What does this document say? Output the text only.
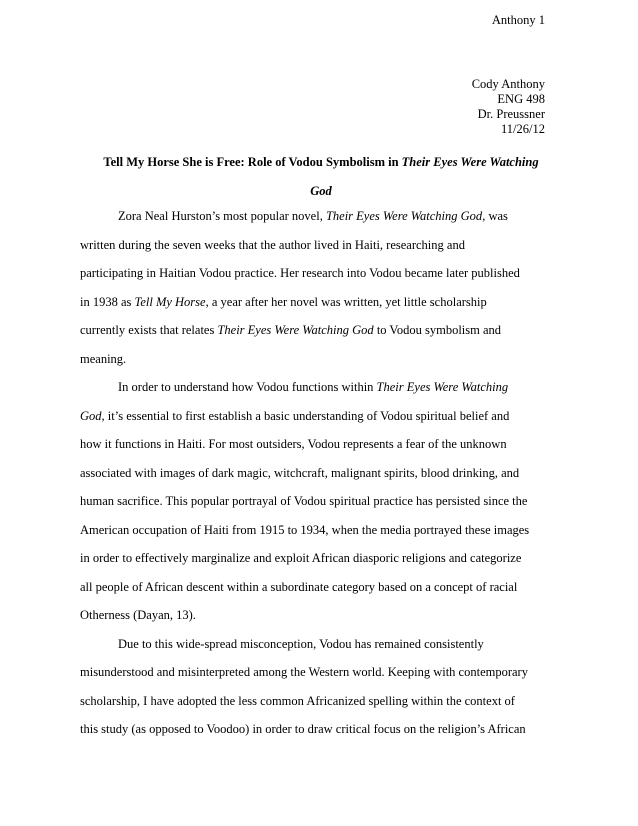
Anthony 1
Cody Anthony
ENG 498
Dr. Preussner
11/26/12
Tell My Horse She is Free: Role of Vodou Symbolism in Their Eyes Were Watching
God
Zora Neal Hurston’s most popular novel, Their Eyes Were Watching God, was
written during the seven weeks that the author lived in Haiti, researching and
participating in Haitian Vodou practice. Her research into Vodou became later published
in 1938 as Tell My Horse, a year after her novel was written, yet little scholarship
currently exists that relates Their Eyes Were Watching God to Vodou symbolism and
meaning.
In order to understand how Vodou functions within Their Eyes Were Watching
God, it’s essential to first establish a basic understanding of Vodou spiritual belief and
how it functions in Haiti. For most outsiders, Vodou represents a fear of the unknown
associated with images of dark magic, witchcraft, malignant spirits, blood drinking, and
human sacrifice. This popular portrayal of Vodou spiritual practice has persisted since the
American occupation of Haiti from 1915 to 1934, when the media portrayed these images
in order to effectively marginalize and exploit African diasporic religions and categorize
all people of African descent within a subordinate category based on a concept of racial
Otherness (Dayan, 13).
Due to this wide-spread misconception, Vodou has remained consistently
misunderstood and misinterpreted among the Western world. Keeping with contemporary
scholarship, I have adopted the less common Africanized spelling within the context of
this study (as opposed to Voodoo) in order to draw critical focus on the religion’s African
